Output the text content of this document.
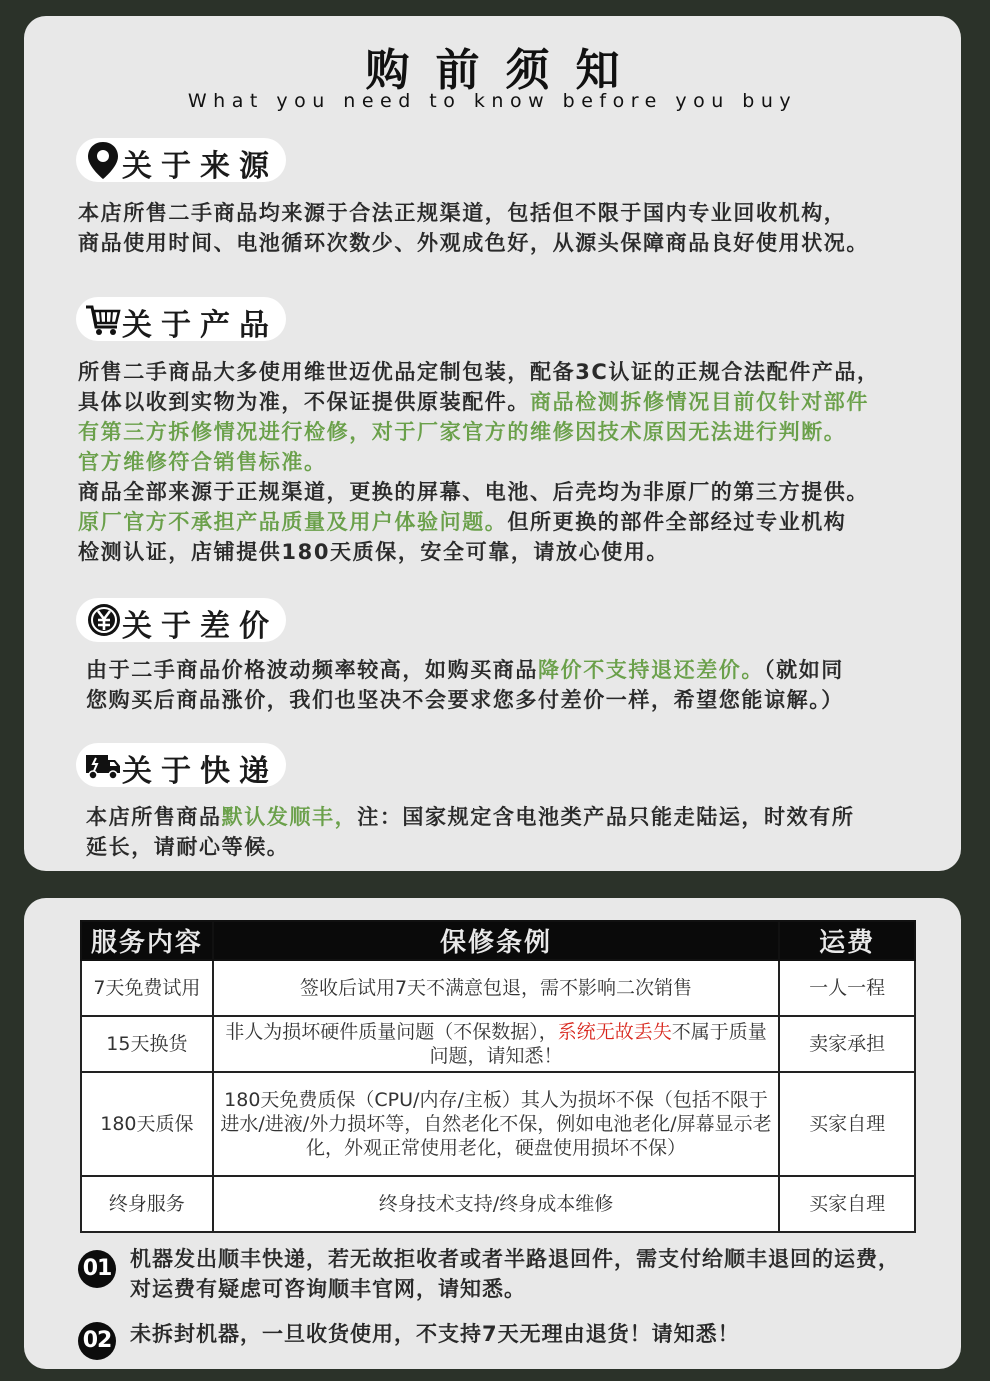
购前须知
What you need to know before you buy
关于来源
本店所售二手商品均来源于合法正规渠道，包括但不限于国内专业回收机构，
商品使用时间、电池循环次数少、外观成色好，从源头保障商品良好使用状况。
关于产品
所售二手商品大多使用维世迈优品定制包装，配备3C认证的正规合法配件产品，
具体以收到实物为准，不保证提供原装配件。商品检测拆修情况目前仅针对部件
有第三方拆修情况进行检修，对于厂家官方的维修因技术原因无法进行判断。
官方维修符合销售标准。
商品全部来源于正规渠道，更换的屏幕、电池、后壳均为非原厂的第三方提供。
原厂官方不承担产品质量及用户体验问题。但所更换的部件全部经过专业机构
检测认证，店铺提供180天质保，安全可靠，请放心使用。
关于差价
由于二手商品价格波动频率较高，如购买商品降价不支持退还差价。（就如同
您购买后商品涨价，我们也坚决不会要求您多付差价一样，希望您能谅解。）
关于快递
本店所售商品默认发顺丰，注：国家规定含电池类产品只能走陆运，时效有所
延长，请耐心等候。
服务内容	保修条例	运费
7天免费试用	签收后试用7天不满意包退，需不影响二次销售	一人一程
15天换货	非人为损坏硬件质量问题（不保数据），系统无故丢失不属于质量问题，请知悉！	卖家承担
180天质保	180天免费质保（CPU/内存/主板）其人为损坏不保（包括不限于进水/进液/外力损坏等，自然老化不保，例如电池老化/屏幕显示老化，外观正常使用老化，硬盘使用损坏不保）	买家自理
终身服务	终身技术支持/终身成本维修	买家自理
01 机器发出顺丰快递，若无故拒收者或者半路退回件，需支付给顺丰退回的运费，
对运费有疑虑可咨询顺丰官网，请知悉。
02 未拆封机器，一旦收货使用，不支持7天无理由退货！请知悉！
